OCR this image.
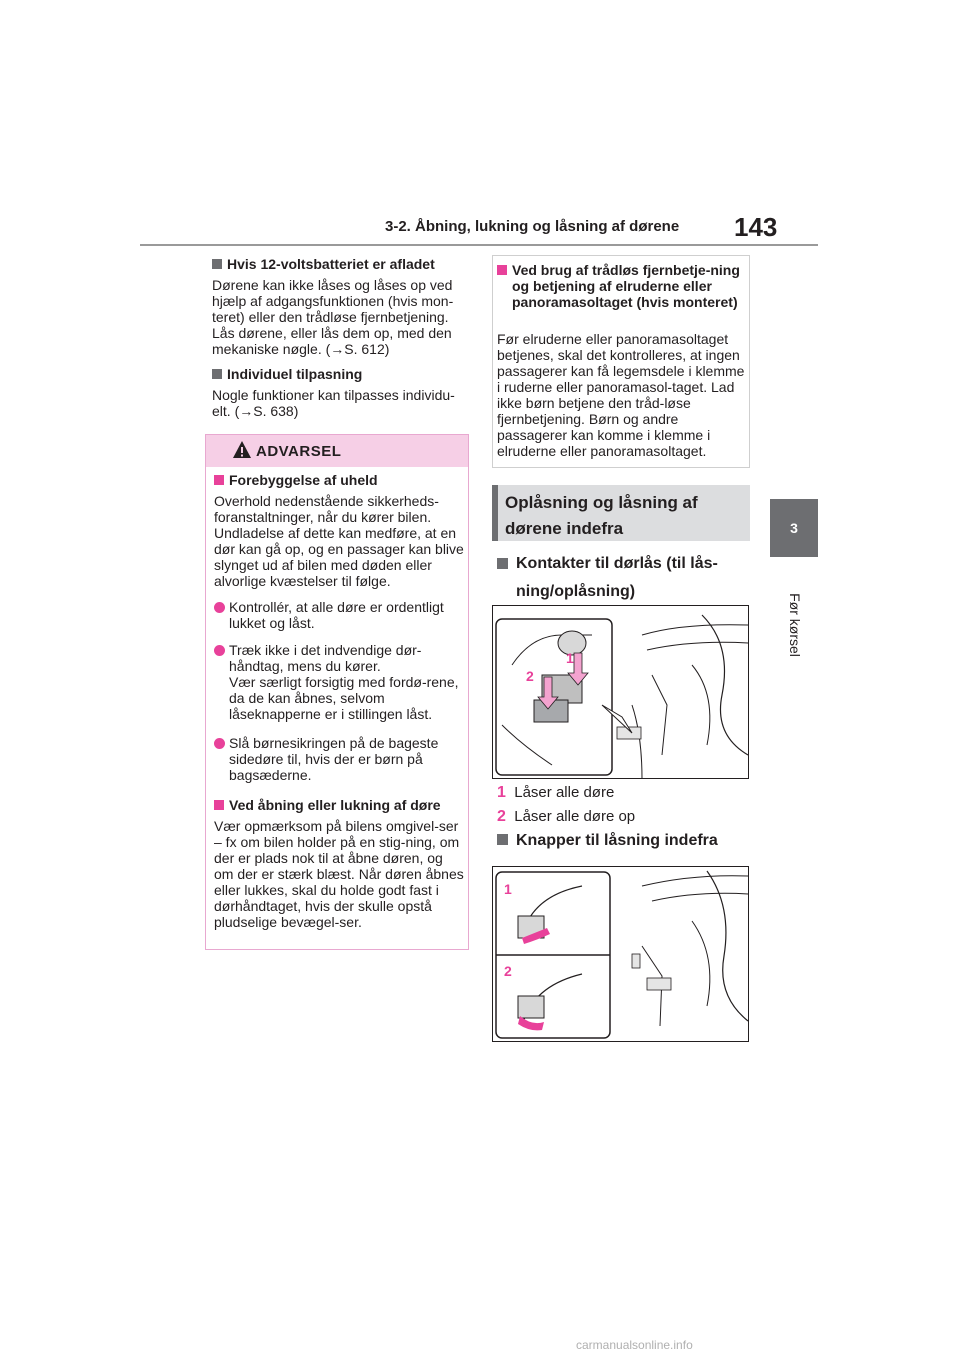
3-2. Åbning, lukning og låsning af dørene 143
3
Før kørsel
Hvis 12-voltsbatteriet er afladet
Dørene kan ikke låses og låses op ved hjælp af adgangsfunktionen (hvis mon-teret) eller den trådløse fjernbetjening. Lås dørene, eller lås dem op, med den mekaniske nøgle. (→S. 612)
Individuel tilpasning
Nogle funktioner kan tilpasses individu-elt. (→S. 638)
ADVARSEL
Forebyggelse af uheld
Overhold nedenstående sikkerheds-foranstaltninger, når du kører bilen. Undladelse af dette kan medføre, at en dør kan gå op, og en passager kan blive slynget ud af bilen med døden eller alvorlige kvæstelser til følge.
Kontrollér, at alle døre er ordentligt lukket og låst.
Træk ikke i det indvendige dør-håndtag, mens du kører.
Vær særligt forsigtig med fordø-rene, da de kan åbnes, selvom låseknapperne er i stillingen låst.
Slå børnesikringen på de bageste sidedøre til, hvis der er børn på bagsæderne.
Ved åbning eller lukning af døre
Vær opmærksom på bilens omgivel-ser – fx om bilen holder på en stig-ning, om der er plads nok til at åbne døren, og om der er stærk blæst. Når døren åbnes eller lukkes, skal du holde godt fast i dørhåndtaget, hvis der skulle opstå pludselige bevægel-ser.
Ved brug af trådløs fjernbetje-ning og betjening af elruderne eller panoramasoltaget (hvis monteret)
Før elruderne eller panoramasoltaget betjenes, skal det kontrolleres, at ingen passagerer kan få legemsdele i klemme i ruderne eller panoramasol-taget. Lad ikke børn betjene den tråd-løse fjernbetjening. Børn og andre passagerer kan komme i klemme i elruderne eller panoramasoltaget.
Oplåsning og låsning af dørene indefra
Kontakter til dørlås (til lås-ning/oplåsning)
1
2
1 Låser alle døre
2 Låser alle døre op
Knapper til låsning indefra
1
2
carmanualsonline.info
